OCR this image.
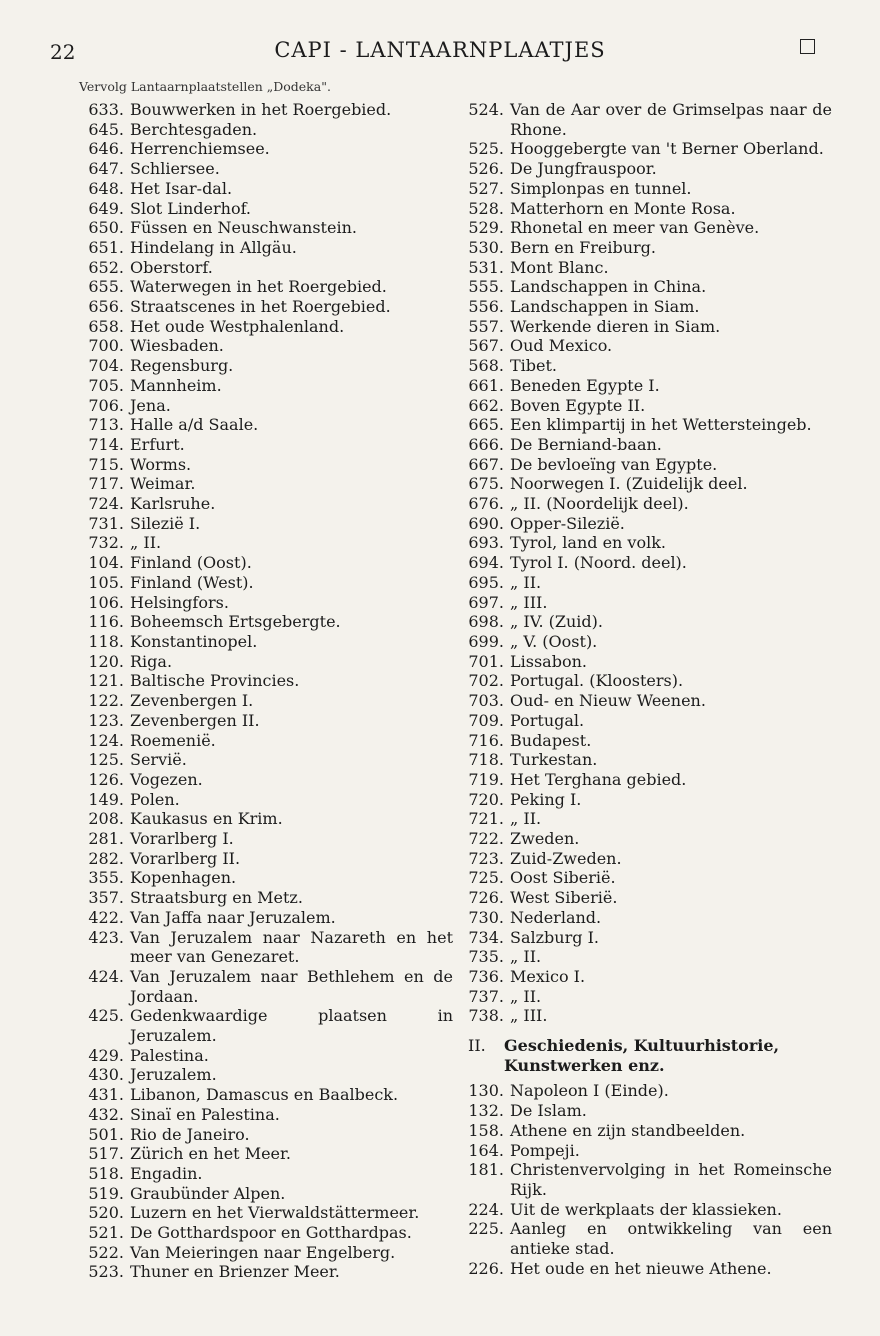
22	CAPI - LANTAARNPLAATJES
Vervolg Lantaarnplaatstellen „Dodeka".
633. Bouwwerken in het Roergebied.
645. Berchtesgaden.
646. Herrenchiemsee.
647. Schliersee.
648. Het Isar-dal.
649. Slot Linderhof.
650. Füssen en Neuschwanstein.
651. Hindelang in Allgäu.
652. Oberstorf.
655. Waterwegen in het Roergebied.
656. Straatscenes in het Roergebied.
658. Het oude Westphalenland.
700. Wiesbaden.
704. Regensburg.
705. Mannheim.
706. Jena.
713. Halle a/d Saale.
714. Erfurt.
715. Worms.
717. Weimar.
724. Karlsruhe.
731. Silezië I.
732. „ II.
104. Finland (Oost).
105. Finland (West).
106. Helsingfors.
116. Boheemsch Ertsgebergte.
118. Konstantinopel.
120. Riga.
121. Baltische Provincies.
122. Zevenbergen I.
123. Zevenbergen II.
124. Roemenië.
125. Servië.
126. Vogezen.
149. Polen.
208. Kaukasus en Krim.
281. Vorarlberg I.
282. Vorarlberg II.
355. Kopenhagen.
357. Straatsburg en Metz.
422. Van Jaffa naar Jeruzalem.
423. Van Jeruzalem naar Nazareth en het meer van Genezaret.
424. Van Jeruzalem naar Bethlehem en de Jordaan.
425. Gedenkwaardige plaatsen in Jeruzalem.
429. Palestina.
430. Jeruzalem.
431. Libanon, Damascus en Baalbeck.
432. Sinaï en Palestina.
501. Rio de Janeiro.
517. Zürich en het Meer.
518. Engadin.
519. Graubünder Alpen.
520. Luzern en het Vierwaldstättermeer.
521. De Gotthardspoor en Gotthardpas.
522. Van Meieringen naar Engelberg.
523. Thuner en Brienzer Meer.
524. Van de Aar over de Grimselpas naar de Rhone.
525. Hooggebergte van 't Berner Oberland.
526. De Jungfrauspoor.
527. Simplonpas en tunnel.
528. Matterhorn en Monte Rosa.
529. Rhonetal en meer van Genève.
530. Bern en Freiburg.
531. Mont Blanc.
555. Landschappen in China.
556. Landschappen in Siam.
557. Werkende dieren in Siam.
567. Oud Mexico.
568. Tibet.
661. Beneden Egypte I.
662. Boven Egypte II.
665. Een klimpartij in het Wettersteingeb.
666. De Berniand-baan.
667. De bevloeïng van Egypte.
675. Noorwegen I. (Zuidelijk deel.
676. „ II. (Noordelijk deel).
690. Opper-Silezië.
693. Tyrol, land en volk.
694. Tyrol I. (Noord. deel).
695. „ II.
697. „ III.
698. „ IV. (Zuid).
699. „ V. (Oost).
701. Lissabon.
702. Portugal. (Kloosters).
703. Oud- en Nieuw Weenen.
709. Portugal.
716. Budapest.
718. Turkestan.
719. Het Terghana gebied.
720. Peking I.
721. „ II.
722. Zweden.
723. Zuid-Zweden.
725. Oost Siberië.
726. West Siberië.
730. Nederland.
734. Salzburg I.
735. „ II.
736. Mexico I.
737. „ II.
738. „ III.
II.	Geschiedenis, Kultuurhistorie, Kunstwerken enz.
130. Napoleon I (Einde).
132. De Islam.
158. Athene en zijn standbeelden.
164. Pompeji.
181. Christenvervolging in het Romeinsche Rijk.
224. Uit de werkplaats der klassieken.
225. Aanleg en ontwikkeling van een antieke stad.
226. Het oude en het nieuwe Athene.
